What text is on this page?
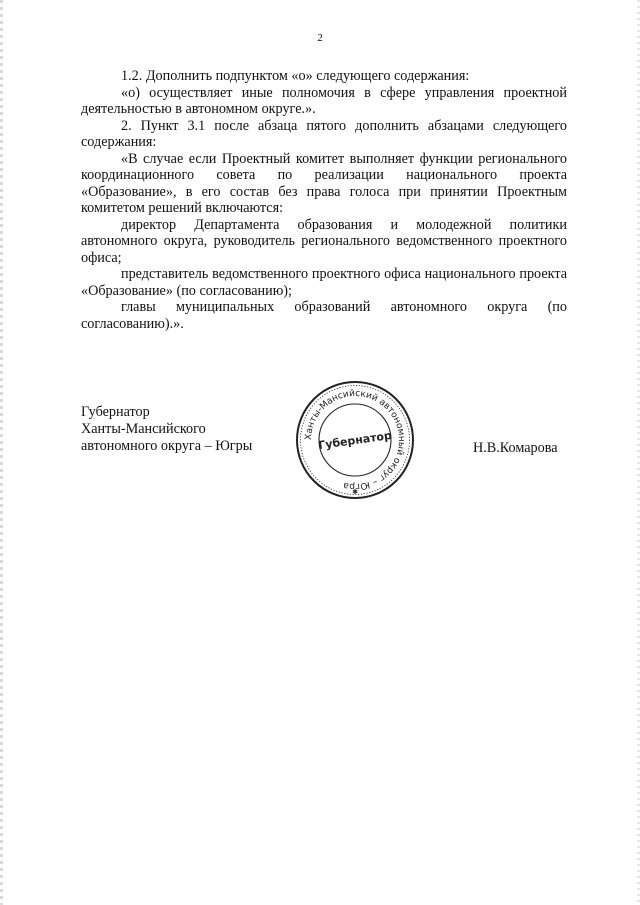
2

1.2. Дополнить подпунктом «о» следующего содержания:

«о) осуществляет иные полномочия в сфере управления проектной деятельностью в автономном округе.».

2. Пункт 3.1 после абзаца пятого дополнить абзацами следующего содержания:

«В случае если Проектный комитет выполняет функции регионального координационного совета по реализации национального проекта «Образование», в его состав без права голоса при принятии Проектным комитетом решений включаются:

директор Департамента образования и молодежной политики автономного округа, руководитель регионального ведомственного проектного офиса;

представитель ведомственного проектного офиса национального проекта «Образование» (по согласованию);

главы муниципальных образований автономного округа (по согласованию).».

Губернатор
Ханты-Мансийского
автономного округа – Югры
Ханты-Мансийский автономный округ – Югра
Губернатор
✱
Н.В.Комарова
